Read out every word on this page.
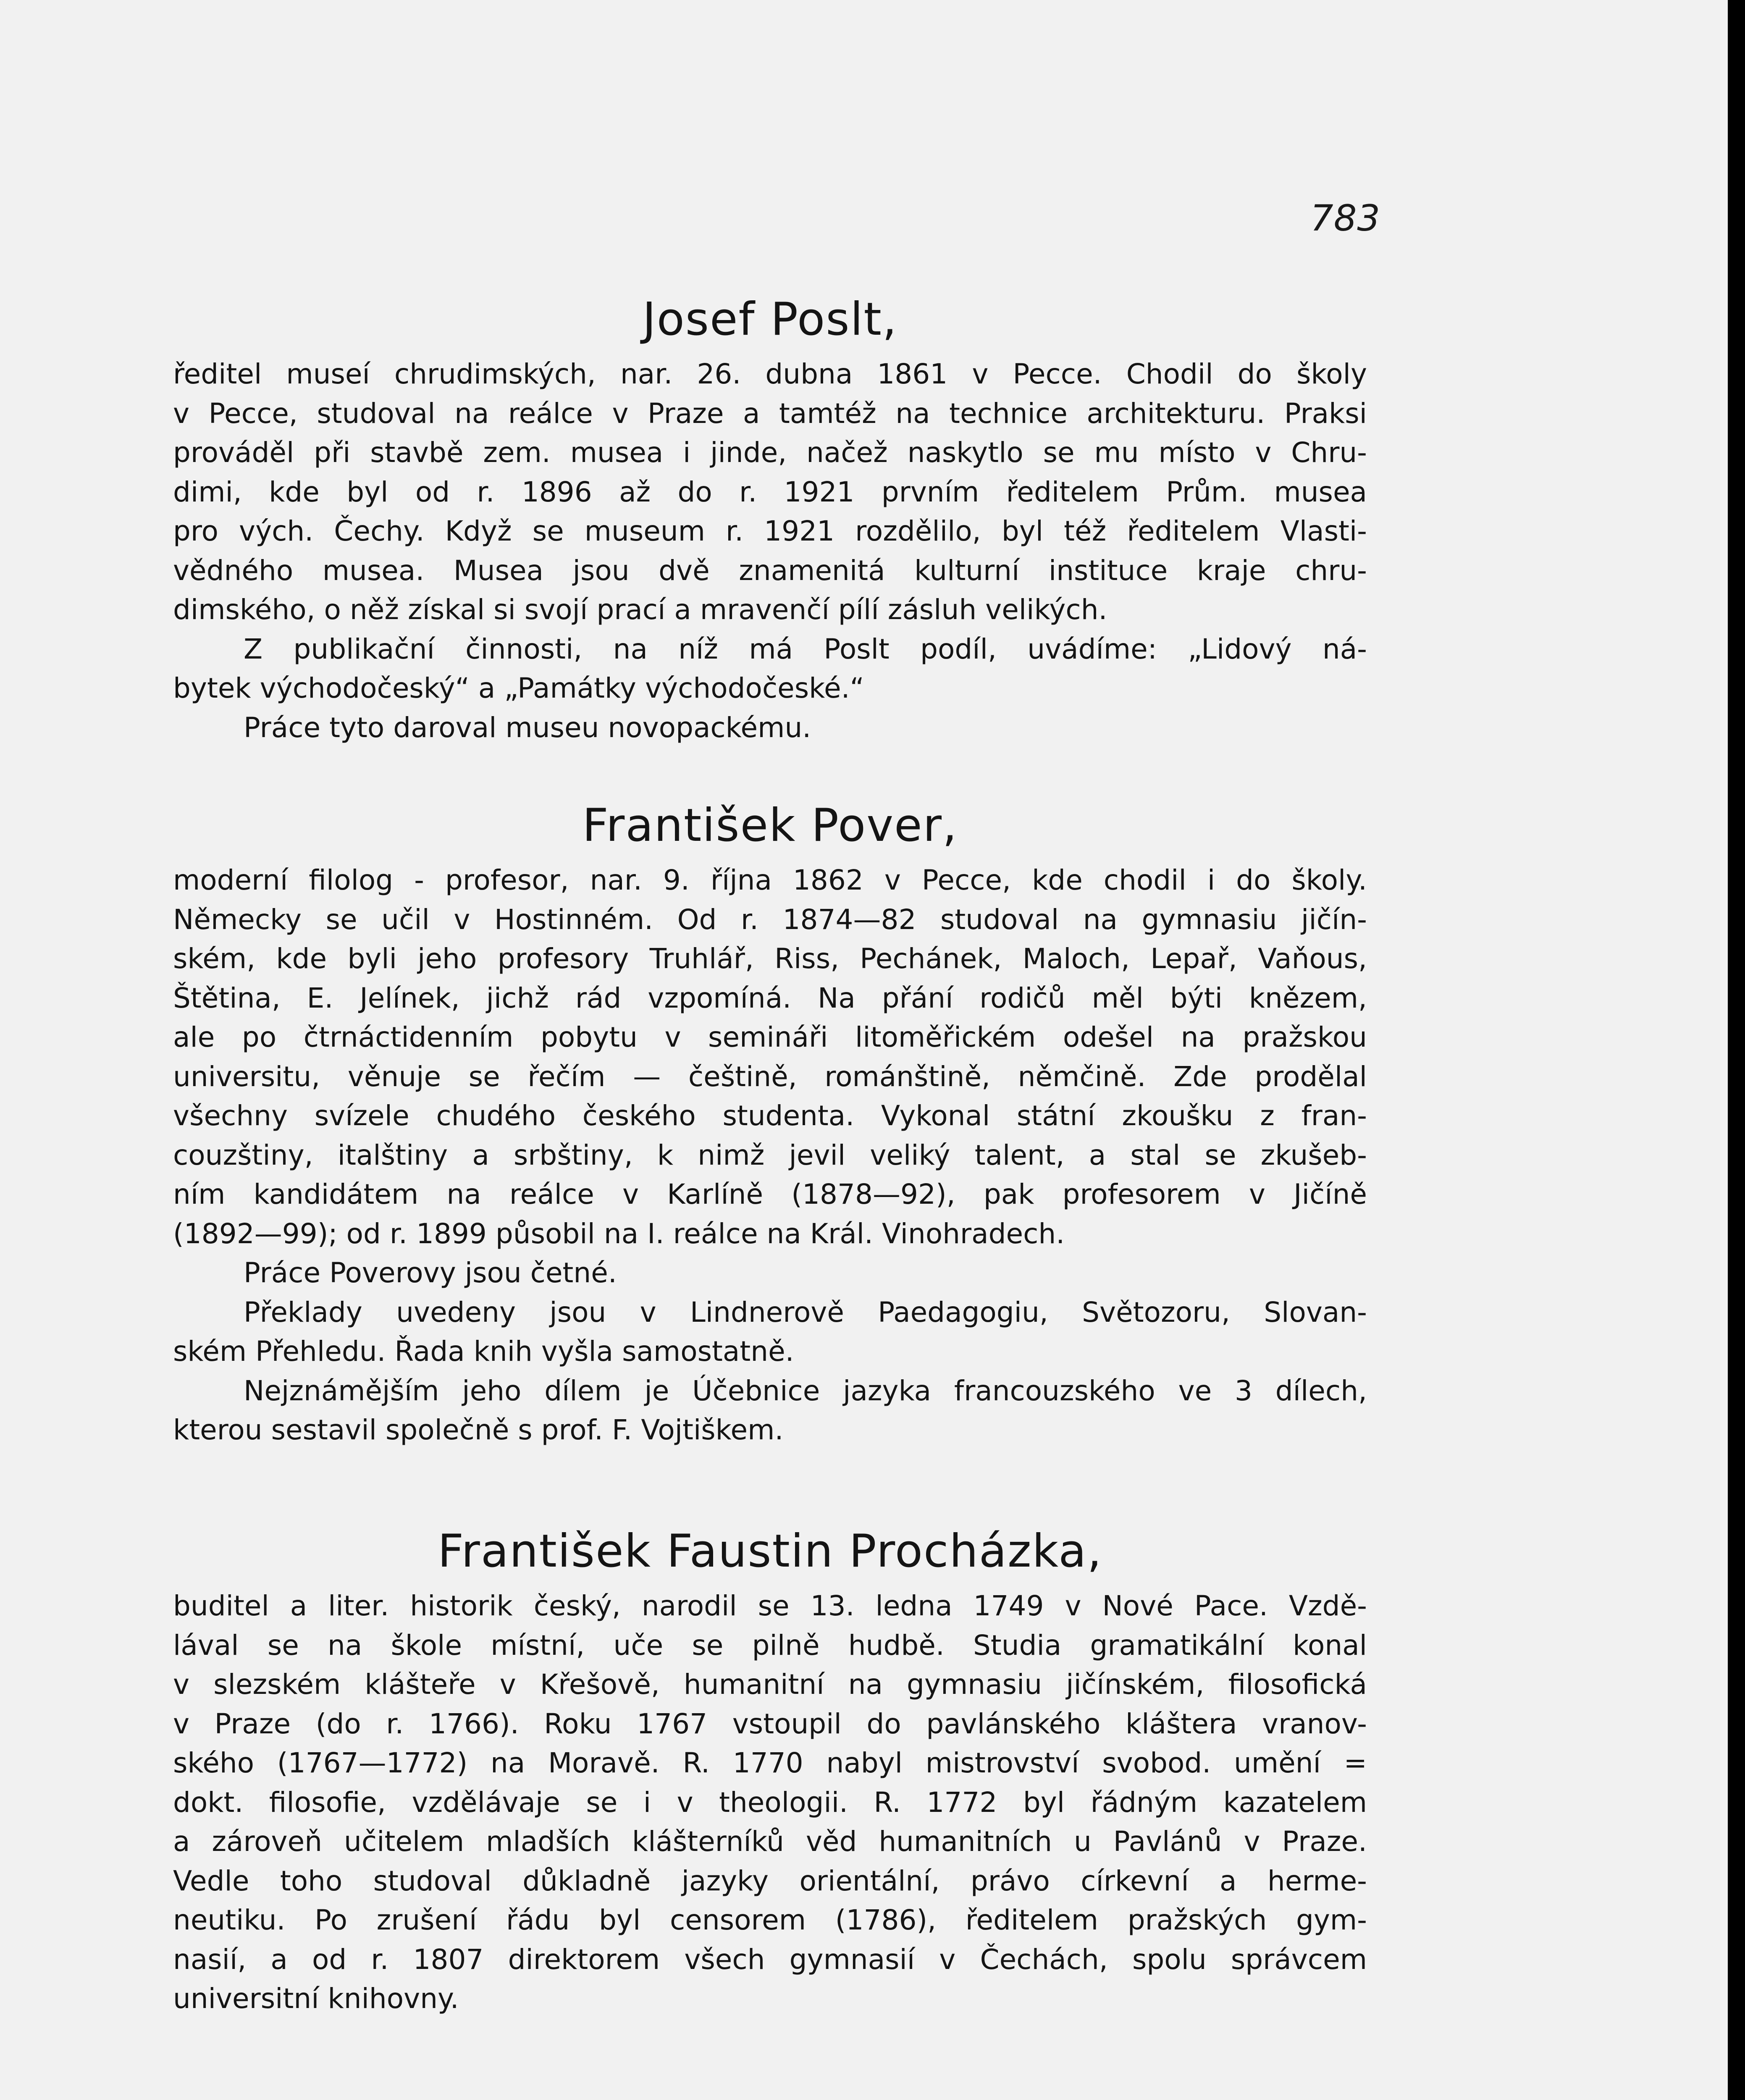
783
Josef Poslt,
ředitel museí chrudimských, nar. 26. dubna 1861 v Pecce. Chodil do školy
v Pecce, studoval na reálce v Praze a tamtéž na technice architekturu. Praksi
prováděl při stavbě zem. musea i jinde, načež naskytlo se mu místo v Chru-
dimi, kde byl od r. 1896 až do r. 1921 prvním ředitelem Prům. musea
pro vých. Čechy. Když se museum r. 1921 rozdělilo, byl též ředitelem Vlasti-
vědného musea. Musea jsou dvě znamenitá kulturní instituce kraje chru-
dimského, o něž získal si svojí prací a mravenčí pílí zásluh velikých.
Z publikační činnosti, na níž má Poslt podíl, uvádíme: „Lidový ná-
bytek východočeský“ a „Památky východočeské.“
Práce tyto daroval museu novopackému.
František Pover,
moderní filolog - profesor, nar. 9. října 1862 v Pecce, kde chodil i do školy.
Německy se učil v Hostinném. Od r. 1874—82 studoval na gymnasiu jičín-
ském, kde byli jeho profesory Truhlář, Riss, Pechánek, Maloch, Lepař, Vaňous,
Štětina, E. Jelínek, jichž rád vzpomíná. Na přání rodičů měl býti knězem,
ale po čtrnáctidenním pobytu v semináři litoměřickém odešel na pražskou
universitu, věnuje se řečím — češtině, románštině, němčině. Zde prodělal
všechny svízele chudého českého studenta. Vykonal státní zkoušku z fran-
couzštiny, italštiny a srbštiny, k nimž jevil veliký talent, a stal se zkušeb-
ním kandidátem na reálce v Karlíně (1878—92), pak profesorem v Jičíně
(1892—99); od r. 1899 působil na I. reálce na Král. Vinohradech.
Práce Poverovy jsou četné.
Překlady uvedeny jsou v Lindnerově Paedagogiu, Světozoru, Slovan-
ském Přehledu. Řada knih vyšla samostatně.
Nejznámějším jeho dílem je Účebnice jazyka francouzského ve 3 dílech,
kterou sestavil společně s prof. F. Vojtiškem.
František Faustin Procházka,
buditel a liter. historik český, narodil se 13. ledna 1749 v Nové Pace. Vzdě-
lával se na škole místní, uče se pilně hudbě. Studia gramatikální konal
v slezském klášteře v Křešově, humanitní na gymnasiu jičínském, filosofická
v Praze (do r. 1766). Roku 1767 vstoupil do pavlánského kláštera vranov-
ského (1767—1772) na Moravě. R. 1770 nabyl mistrovství svobod. umění =
dokt. filosofie, vzdělávaje se i v theologii. R. 1772 byl řádným kazatelem
a zároveň učitelem mladších klášterníků věd humanitních u Pavlánů v Praze.
Vedle toho studoval důkladně jazyky orientální, právo církevní a herme-
neutiku. Po zrušení řádu byl censorem (1786), ředitelem pražských gym-
nasií, a od r. 1807 direktorem všech gymnasií v Čechách, spolu správcem
universitní knihovny.
